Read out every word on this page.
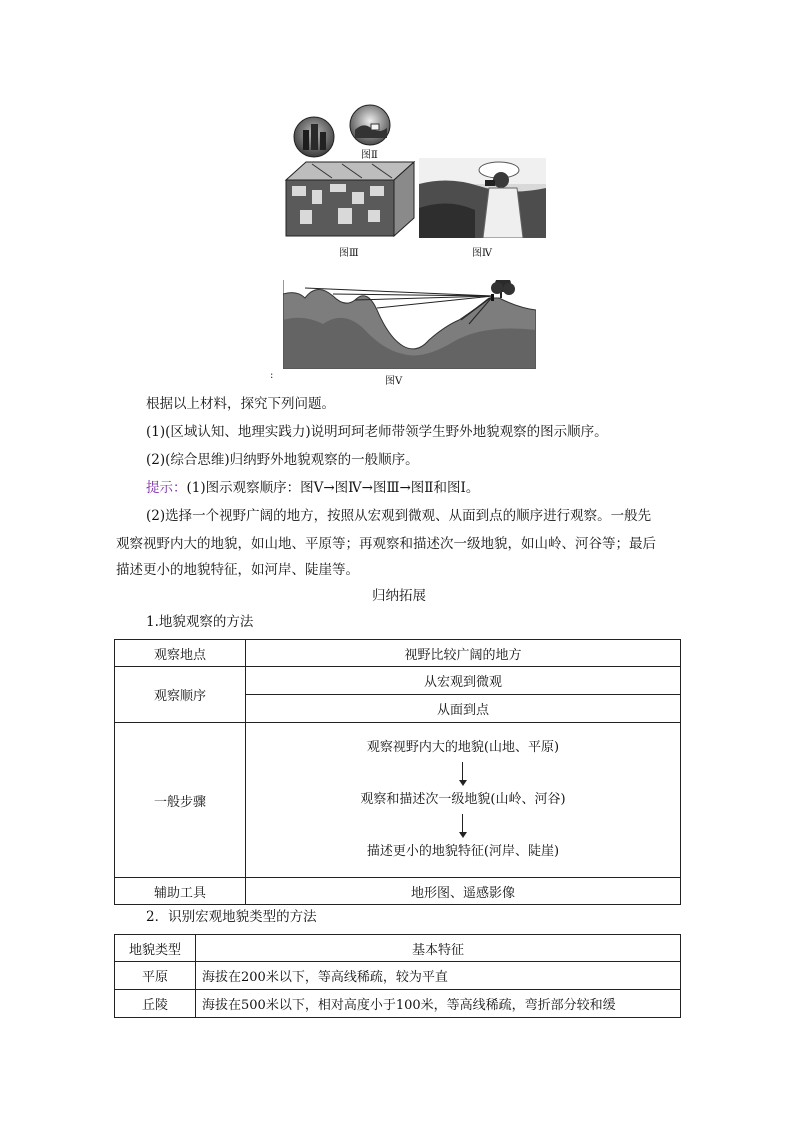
图Ⅱ
图Ⅲ	图Ⅳ
:
图Ⅴ
根据以上材料，探究下列问题。
(1)(区域认知、地理实践力)说明珂珂老师带领学生野外地貌观察的图示顺序。
(2)(综合思维)归纳野外地貌观察的一般顺序。
提示：(1)图示观察顺序：图Ⅴ→图Ⅳ→图Ⅲ→图Ⅱ和图Ⅰ。
(2)选择一个视野广阔的地方，按照从宏观到微观、从面到点的顺序进行观察。一般先
观察视野内大的地貌，如山地、平原等；再观察和描述次一级地貌，如山岭、河谷等；最后
描述更小的地貌特征，如河岸、陡崖等。
归纳拓展
1.地貌观察的方法
观察地点	视野比较广阔的地方
观察顺序	从宏观到微观
	从面到点
一般步骤	观察视野内大的地貌(山地、平原)
观察和描述次一级地貌(山岭、河谷)
描述更小的地貌特征(河岸、陡崖)

辅助工具	地形图、遥感影像
2．识别宏观地貌类型的方法
地貌类型	基本特征
平原	海拔在200米以下，等高线稀疏，较为平直
丘陵	海拔在500米以下，相对高度小于100米，等高线稀疏，弯折部分较和缓
